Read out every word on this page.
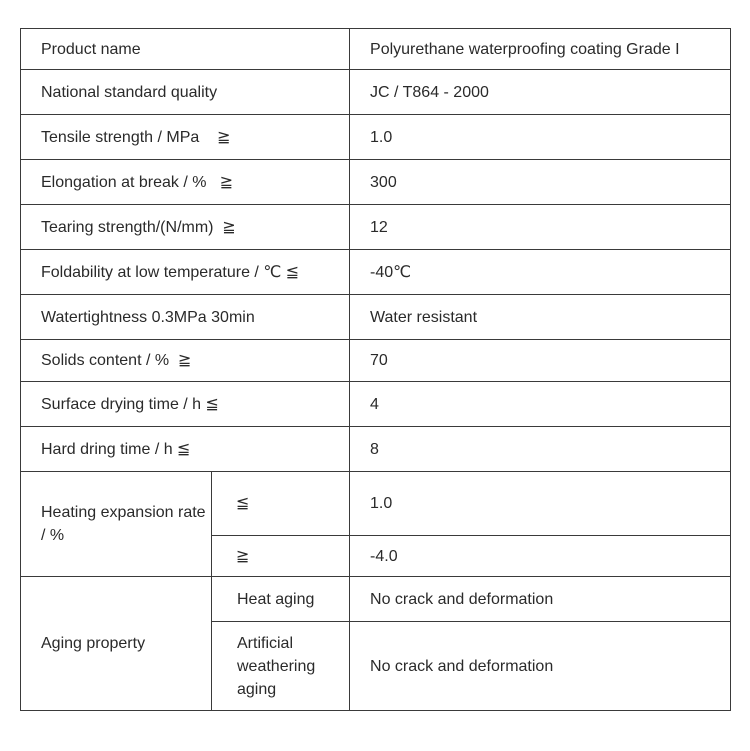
Product name		Polyurethane waterproofing coating Grade I
National standard quality		JC / T864 - 2000
Tensile strength / MPa    ≧		1.0
Elongation at break / %   ≧		300
Tearing strength/(N/mm)  ≧		12
Foldability at low temperature / ℃ ≦		-40℃
Watertightness 0.3MPa 30min		Water resistant
Solids content / %  ≧		70
Surface drying time / h ≦		4
Hard dring time / h ≦		8
Heating expansion rate / %	≦	1.0
	≧	-4.0
Aging property	Heat aging	No crack and deformation
	Artificial weathering aging	No crack and deformation
